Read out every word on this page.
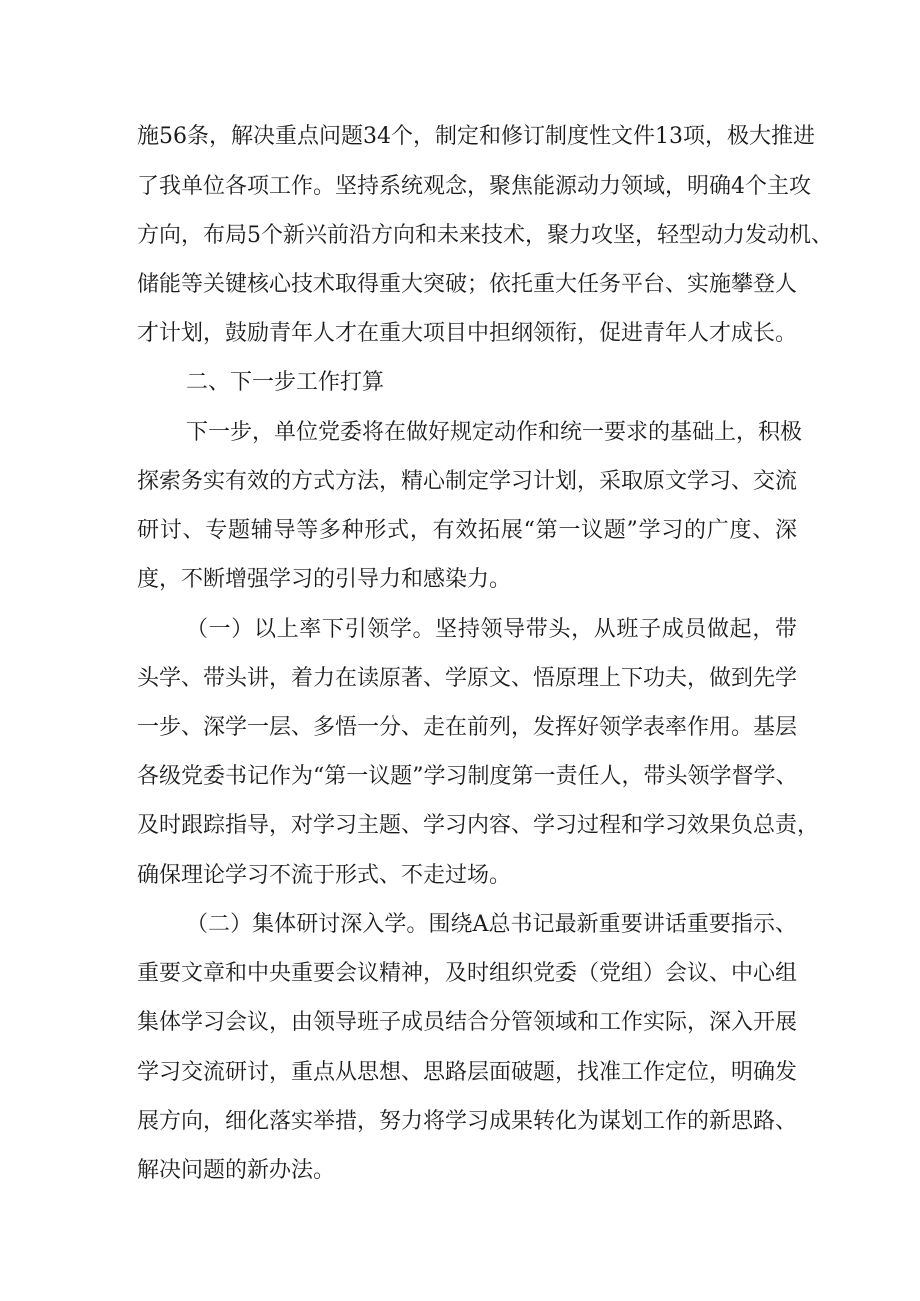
施56条，解决重点问题34个，制定和修订制度性文件13项，极大推进
了我单位各项工作。坚持系统观念，聚焦能源动力领域，明确4个主攻
方向，布局5个新兴前沿方向和未来技术，聚力攻坚，轻型动力发动机、
储能等关键核心技术取得重大突破；依托重大任务平台、实施攀登人
才计划，鼓励青年人才在重大项目中担纲领衔，促进青年人才成长。
二、下一步工作打算
下一步，单位党委将在做好规定动作和统一要求的基础上，积极
探索务实有效的方式方法，精心制定学习计划，采取原文学习、交流
研讨、专题辅导等多种形式，有效拓展“第一议题”学习的广度、深
度，不断增强学习的引导力和感染力。
（一）以上率下引领学。坚持领导带头，从班子成员做起，带
头学、带头讲，着力在读原著、学原文、悟原理上下功夫，做到先学
一步、深学一层、多悟一分、走在前列，发挥好领学表率作用。基层
各级党委书记作为“第一议题”学习制度第一责任人，带头领学督学、
及时跟踪指导，对学习主题、学习内容、学习过程和学习效果负总责，
确保理论学习不流于形式、不走过场。
（二）集体研讨深入学。围绕A总书记最新重要讲话重要指示、
重要文章和中央重要会议精神，及时组织党委（党组）会议、中心组
集体学习会议，由领导班子成员结合分管领域和工作实际，深入开展
学习交流研讨，重点从思想、思路层面破题，找准工作定位，明确发
展方向，细化落实举措，努力将学习成果转化为谋划工作的新思路、
解决问题的新办法。
